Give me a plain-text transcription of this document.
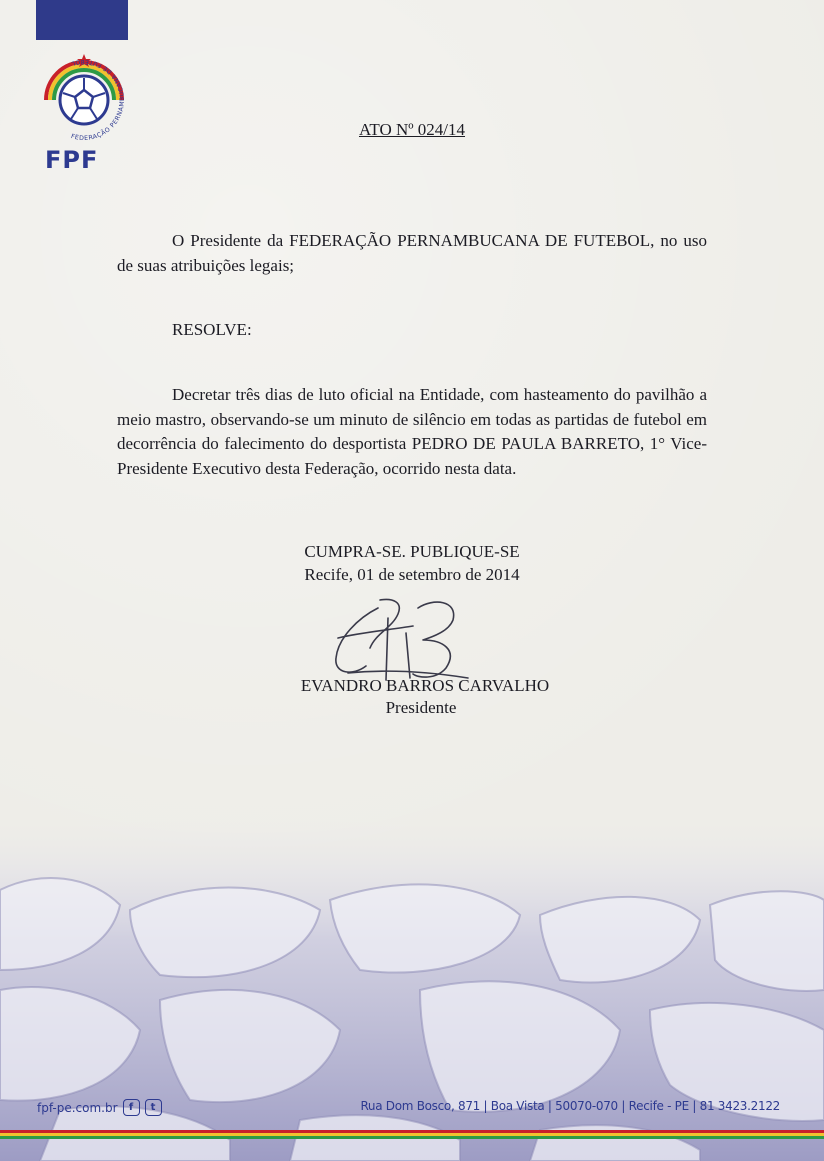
FEDERAÇÃO PERNAMBUCANA DE FUTEBOL
FPF
ATO Nº 024/14
O Presidente da FEDERAÇÃO PERNAMBUCANA DE FUTEBOL, no uso de suas atribuições legais;
RESOLVE:
Decretar três dias de luto oficial na Entidade, com hasteamento do pavilhão a meio mastro, observando-se um minuto de silêncio em todas as partidas de futebol em decorrência do falecimento do desportista PEDRO DE PAULA BARRETO, 1° Vice-Presidente Executivo desta Federação, ocorrido nesta data.
CUMPRA-SE. PUBLIQUE-SE
Recife, 01 de setembro de 2014
EVANDRO BARROS CARVALHO
Presidente
fpf-pe.com.br	f	t	Rua Dom Bosco, 871 | Boa Vista | 50070-070 | Recife - PE | 81 3423.2122
